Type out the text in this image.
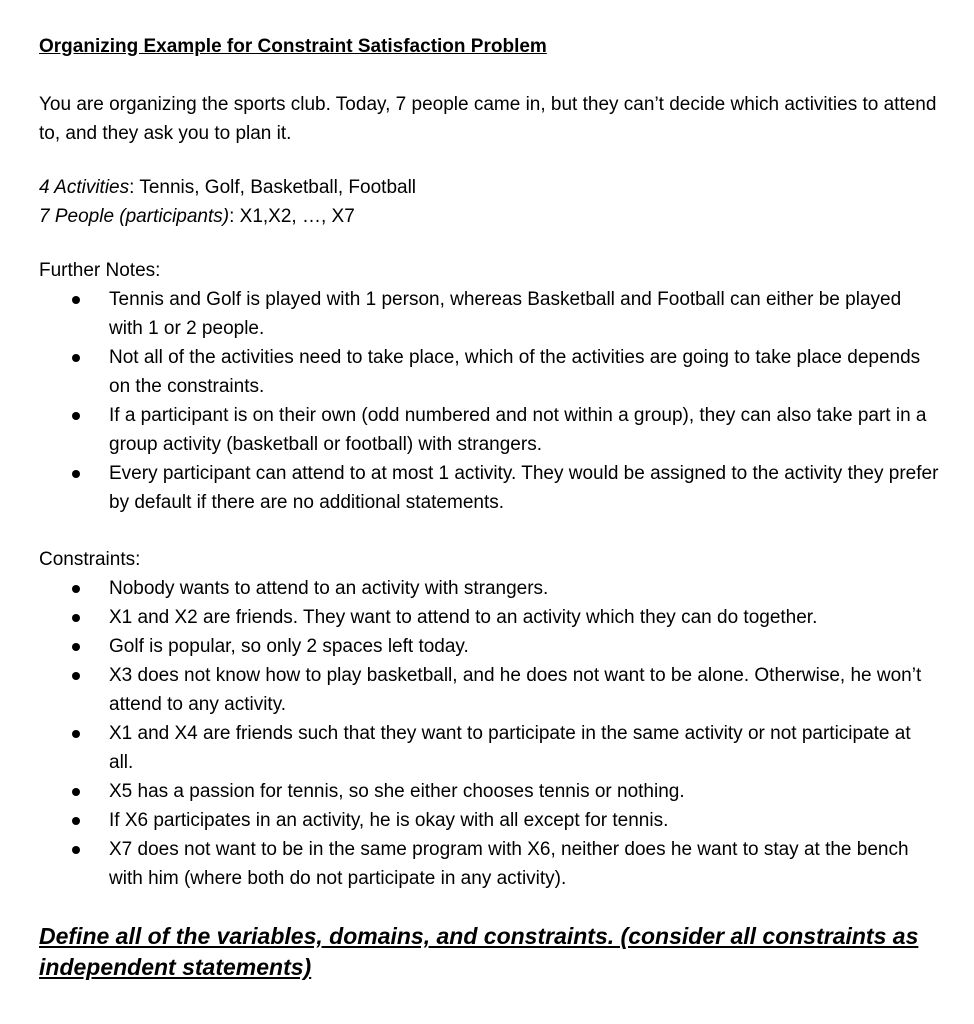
Organizing Example for Constraint Satisfaction Problem

You are organizing the sports club. Today, 7 people came in, but they can’t decide which activities to attend to, and they ask you to plan it.

4 Activities: Tennis, Golf, Basketball, Football

7 People (participants): X1,X2, …, X7

Further Notes:

Tennis and Golf is played with 1 person, whereas Basketball and Football can either be played with 1 or 2 people.
Not all of the activities need to take place, which of the activities are going to take place depends on the constraints.
If a participant is on their own (odd numbered and not within a group), they can also take part in a group activity (basketball or football) with strangers.
Every participant can attend to at most 1 activity. They would be assigned to the activity they prefer by default if there are no additional statements.

Constraints:

Nobody wants to attend to an activity with strangers.
X1 and X2 are friends. They want to attend to an activity which they can do together.
Golf is popular, so only 2 spaces left today.
X3 does not know how to play basketball, and he does not want to be alone. Otherwise, he won’t attend to any activity.
X1 and X4 are friends such that they want to participate in the same activity or not participate at all.
X5 has a passion for tennis, so she either chooses tennis or nothing.
If X6 participates in an activity, he is okay with all except for tennis.
X7 does not want to be in the same program with X6, neither does he want to stay at the bench with him (where both do not participate in any activity).

Define all of the variables, domains, and constraints. (consider all constraints as independent statements)
